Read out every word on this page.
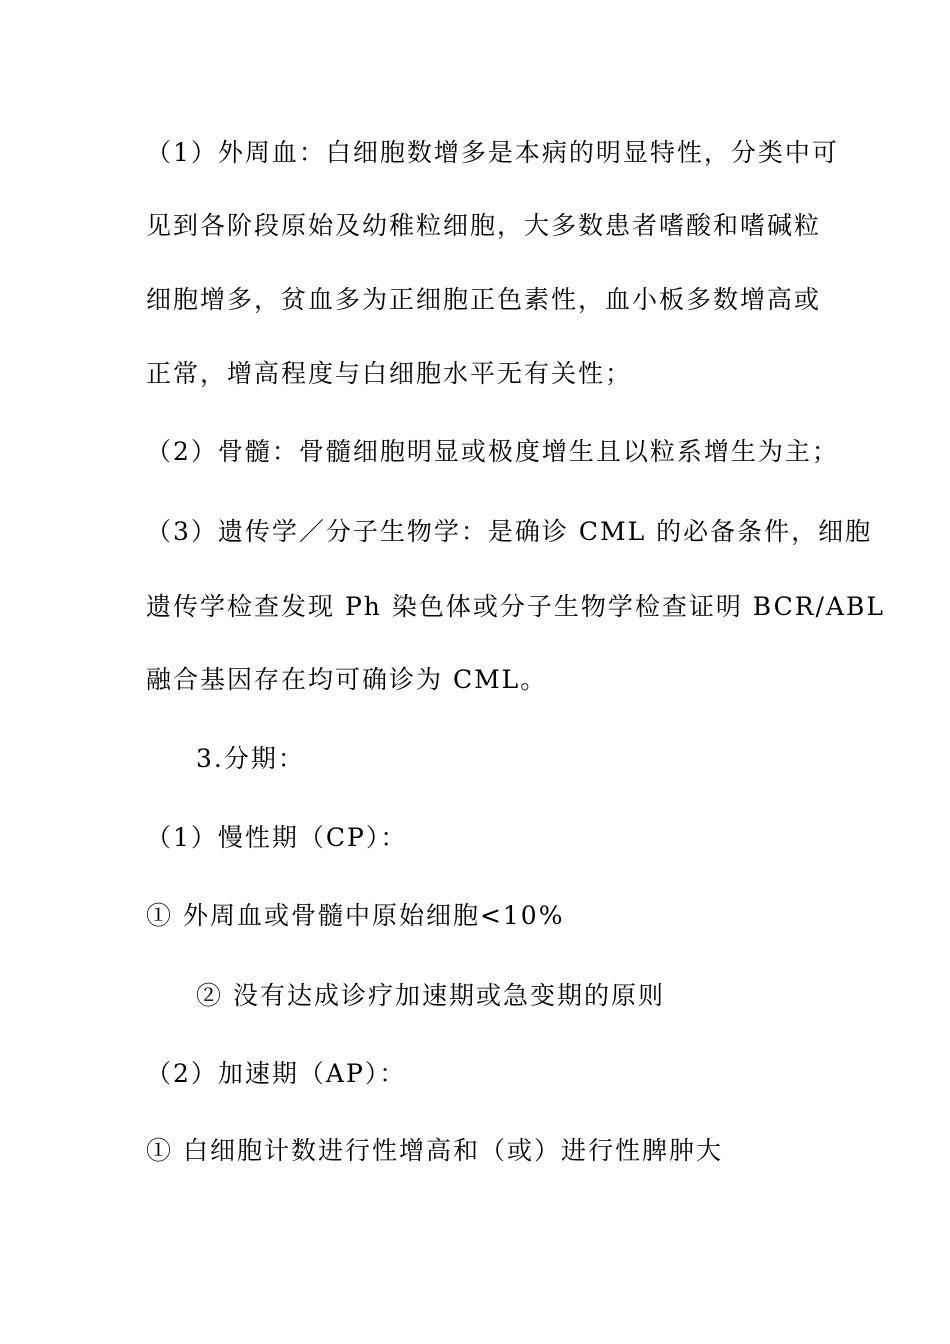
（1）外周血：白细胞数增多是本病的明显特性，分类中可
见到各阶段原始及幼稚粒细胞，大多数患者嗜酸和嗜碱粒
细胞增多，贫血多为正细胞正色素性，血小板多数增高或
正常，增高程度与白细胞水平无有关性；
（2）骨髓：骨髓细胞明显或极度增生且以粒系增生为主；
（3）遗传学／分子生物学：是确诊 CML 的必备条件，细胞
遗传学检查发现 Ph 染色体或分子生物学检查证明 BCR/ABL
融合基因存在均可确诊为 CML。
3.分期：
（1）慢性期（CP）：
① 外周血或骨髓中原始细胞<10%
② 没有达成诊疗加速期或急变期的原则
（2）加速期（AP）：
① 白细胞计数进行性增高和（或）进行性脾肿大
